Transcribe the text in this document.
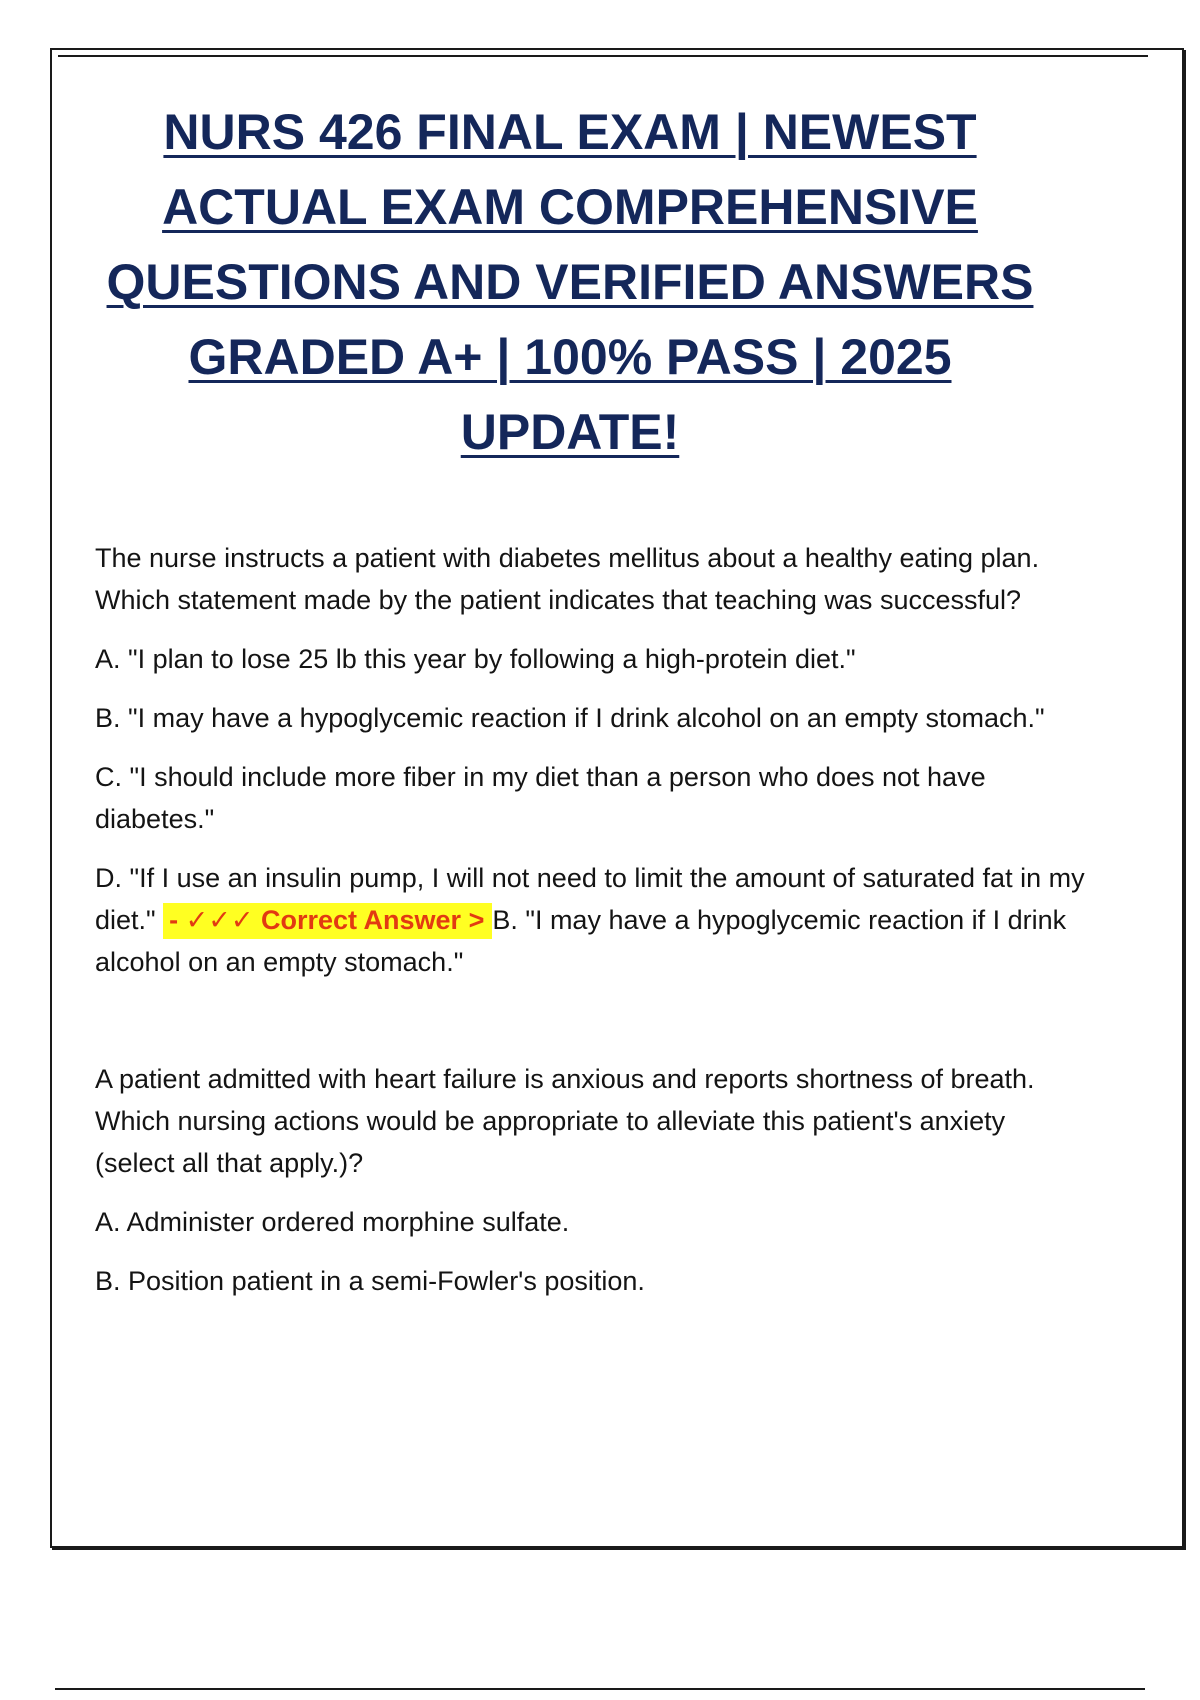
NURS 426 FINAL EXAM | NEWEST
ACTUAL EXAM COMPREHENSIVE
QUESTIONS AND VERIFIED ANSWERS
GRADED A+ | 100% PASS | 2025
UPDATE!

The nurse instructs a patient with diabetes mellitus about a healthy eating plan. Which statement made by the patient indicates that teaching was successful?

A. "I plan to lose 25 lb this year by following a high-protein diet."

B. "I may have a hypoglycemic reaction if I drink alcohol on an empty stomach."

C. "I should include more fiber in my diet than a person who does not have diabetes."

D. "If I use an insulin pump, I will not need to limit the amount of saturated fat in my diet." - ✓✓✓ Correct Answer > B. "I may have a hypoglycemic reaction if I drink alcohol on an empty stomach."

A patient admitted with heart failure is anxious and reports shortness of breath. Which nursing actions would be appropriate to alleviate this patient's anxiety (select all that apply.)?

A. Administer ordered morphine sulfate.

B. Position patient in a semi-Fowler's position.
